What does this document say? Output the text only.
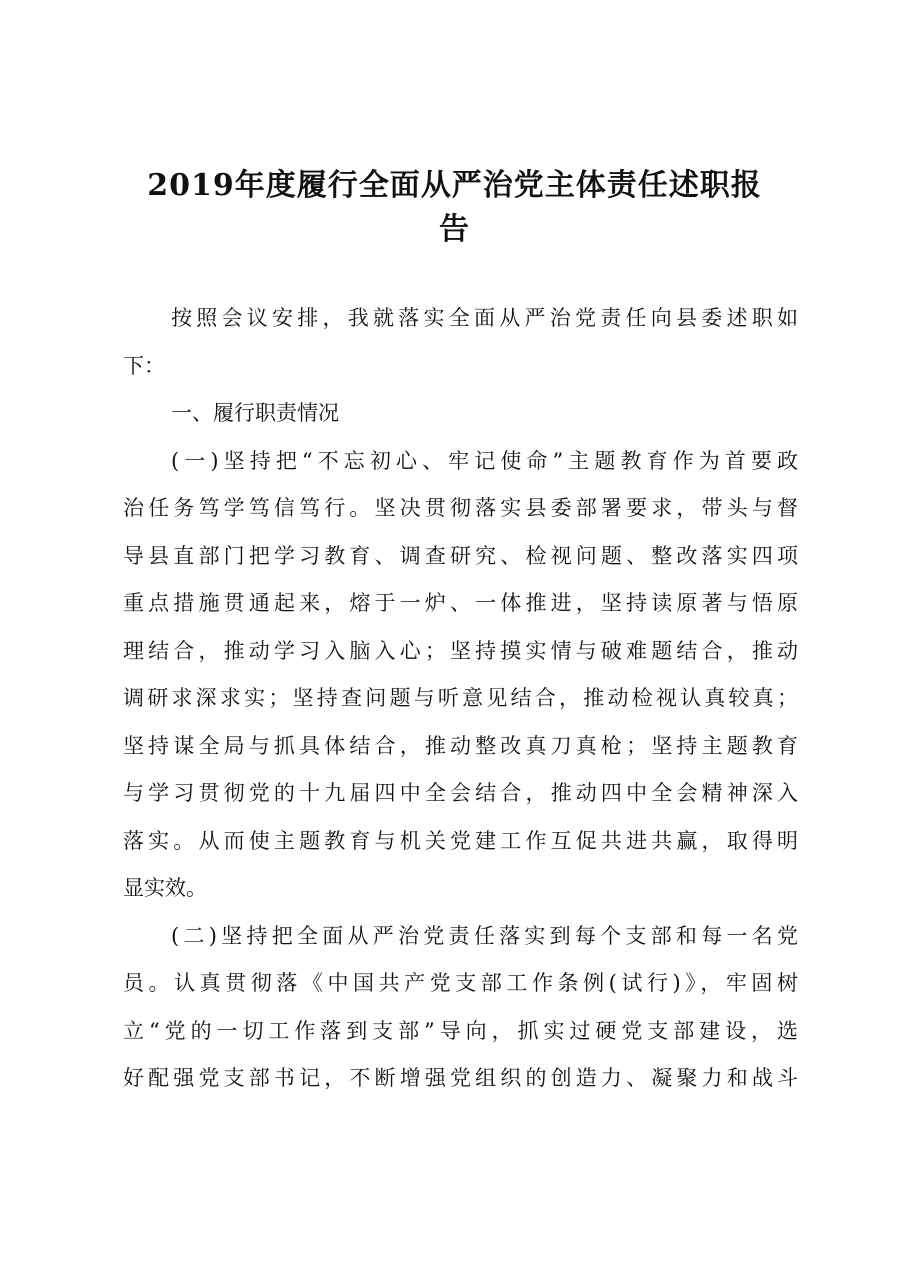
2019年度履行全面从严治党主体责任述职报
告
按照会议安排，我就落实全面从严治党责任向县委述职如
下：
一、履行职责情况
(一)坚持把“不忘初心、牢记使命”主题教育作为首要政
治任务笃学笃信笃行。坚决贯彻落实县委部署要求，带头与督
导县直部门把学习教育、调查研究、检视问题、整改落实四项
重点措施贯通起来，熔于一炉、一体推进，坚持读原著与悟原
理结合，推动学习入脑入心；坚持摸实情与破难题结合，推动
调研求深求实；坚持查问题与听意见结合，推动检视认真较真；
坚持谋全局与抓具体结合，推动整改真刀真枪；坚持主题教育
与学习贯彻党的十九届四中全会结合，推动四中全会精神深入
落实。从而使主题教育与机关党建工作互促共进共赢，取得明
显实效。
(二)坚持把全面从严治党责任落实到每个支部和每一名党
员。认真贯彻落《中国共产党支部工作条例(试行)》，牢固树
立“党的一切工作落到支部”导向，抓实过硬党支部建设，选
好配强党支部书记，不断增强党组织的创造力、凝聚力和战斗
